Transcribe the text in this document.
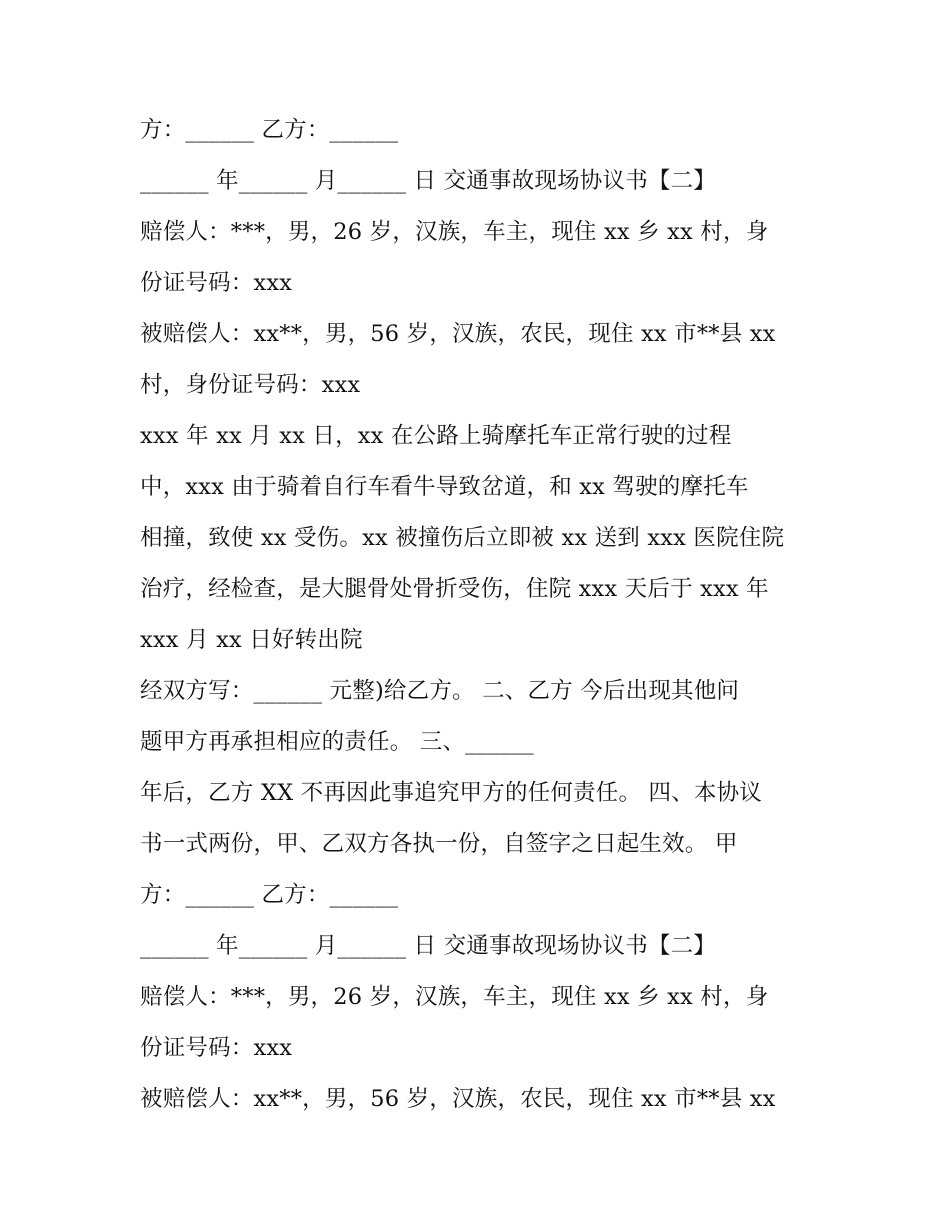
方：______ 乙方：______
______ 年______ 月______ 日 交通事故现场协议书【二】
赔偿人：***，男，26 岁，汉族，车主，现住 xx 乡 xx 村，身
份证号码：xxx
被赔偿人：xx**，男，56 岁，汉族，农民，现住 xx 市**县 xx
村，身份证号码：xxx
xxx 年 xx 月 xx 日，xx 在公路上骑摩托车正常行驶的过程
中，xxx 由于骑着自行车看牛导致岔道，和 xx 驾驶的摩托车
相撞，致使 xx 受伤。xx 被撞伤后立即被 xx 送到 xxx 医院住院
治疗，经检查，是大腿骨处骨折受伤，住院 xxx 天后于 xxx 年
xxx 月 xx 日好转出院
经双方写：______ 元整)给乙方。 二、乙方 今后出现其他问
题甲方再承担相应的责任。 三、______
年后，乙方 XX 不再因此事追究甲方的任何责任。 四、本协议
书一式两份，甲、乙双方各执一份，自签字之日起生效。 甲
方：______ 乙方：______
______ 年______ 月______ 日 交通事故现场协议书【二】
赔偿人：***，男，26 岁，汉族，车主，现住 xx 乡 xx 村，身
份证号码：xxx
被赔偿人：xx**，男，56 岁，汉族，农民，现住 xx 市**县 xx
